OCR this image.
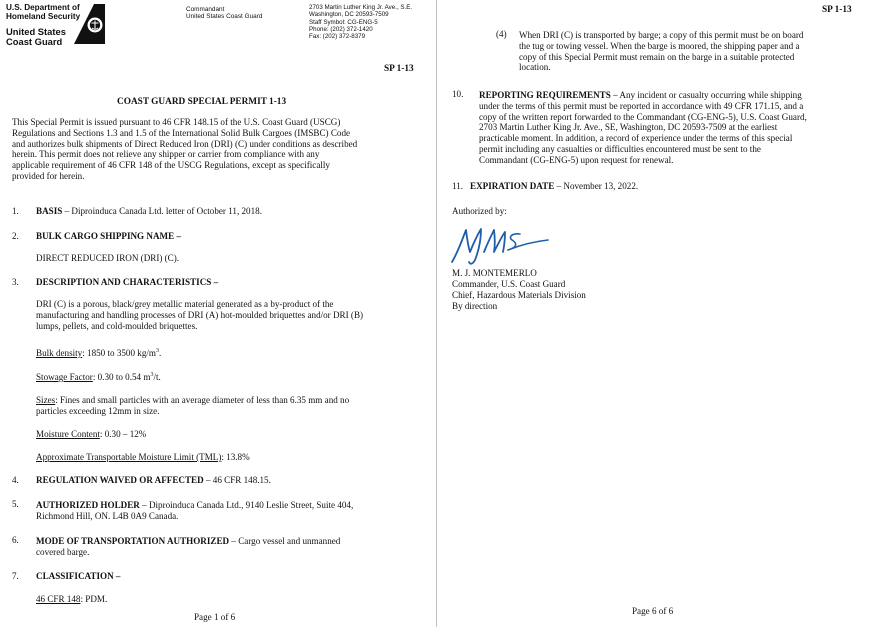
U.S. Department of
Homeland Security
United States
Coast Guard
Commandant
United States Coast Guard
2703 Martin Luther King Jr. Ave., S.E.
Washington, DC 20593-7509
Staff Symbol: CG-ENG-5
Phone: (202) 372-1420
Fax: (202) 372-8379
SP 1-13
COAST GUARD SPECIAL PERMIT 1-13
This Special Permit is issued pursuant to 46 CFR 148.15 of the U.S. Coast Guard (USCG)
Regulations and Sections 1.3 and 1.5 of the International Solid Bulk Cargoes (IMSBC) Code
and authorizes bulk shipments of Direct Reduced Iron (DRI) (C) under conditions as described
herein. This permit does not relieve any shipper or carrier from compliance with any
applicable requirement of 46 CFR 148 of the USCG Regulations, except as specifically
provided for herein.
1. BASIS – Diproinduca Canada Ltd. letter of October 11, 2018.
2. BULK CARGO SHIPPING NAME –
DIRECT REDUCED IRON (DRI) (C).
3. DESCRIPTION AND CHARACTERISTICS –
DRI (C) is a porous, black/grey metallic material generated as a by-product of the
manufacturing and handling processes of DRI (A) hot-moulded briquettes and/or DRI (B)
lumps, pellets, and cold-moulded briquettes.
Bulk density: 1850 to 3500 $kg/m^3$.
Stowage Factor: 0.30 to 0.54 $m^3/t$.
Sizes: Fines and small particles with an average diameter of less than 6.35 mm and no
particles exceeding 12mm in size.
Moisture Content: 0.30 – 12%
Approximate Transportable Moisture Limit (TML): 13.8%
4. REGULATION WAIVED OR AFFECTED – 46 CFR 148.15.
5. AUTHORIZED HOLDER – Diproinduca Canada Ltd., 9140 Leslie Street, Suite 404,
Richmond Hill, ON. L4B 0A9 Canada.
6. MODE OF TRANSPORTATION AUTHORIZED – Cargo vessel and unmanned
covered barge.
7. CLASSIFICATION –
46 CFR 148: PDM.
Page 1 of 6
SP 1-13
(4) When DRI (C) is transported by barge; a copy of this permit must be on board
the tug or towing vessel. When the barge is moored, the shipping paper and a
copy of this Special Permit must remain on the barge in a suitable protected
location.
10. REPORTING REQUIREMENTS – Any incident or casualty occurring while shipping
under the terms of this permit must be reported in accordance with 49 CFR 171.15, and a
copy of the written report forwarded to the Commandant (CG-ENG-5), U.S. Coast Guard,
2703 Martin Luther King Jr. Ave., SE, Washington, DC 20593-7509 at the earliest
practicable moment. In addition, a record of experience under the terms of this special
permit including any casualties or difficulties encountered must be sent to the
Commandant (CG-ENG-5) upon request for renewal.
11. EXPIRATION DATE – November 13, 2022.
Authorized by:
M. J. MONTEMERLO
Commander, U.S. Coast Guard
Chief, Hazardous Materials Division
By direction
Page 6 of 6
